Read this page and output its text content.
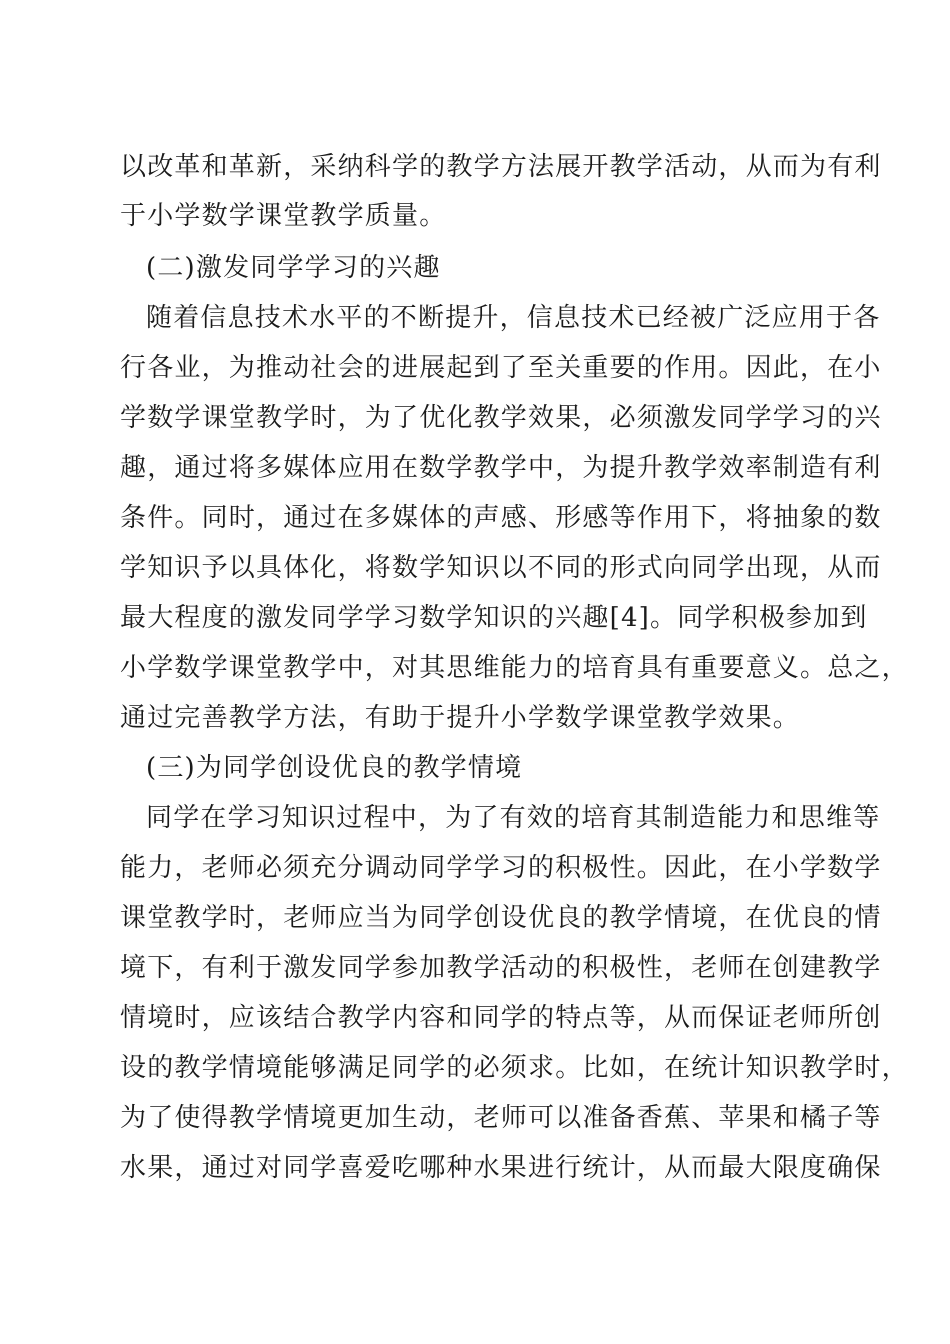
以改革和革新，采纳科学的教学方法展开教学活动，从而为有利
于小学数学课堂教学质量。
(二)激发同学学习的兴趣
随着信息技术水平的不断提升，信息技术已经被广泛应用于各
行各业，为推动社会的进展起到了至关重要的作用。因此，在小
学数学课堂教学时，为了优化教学效果，必须激发同学学习的兴
趣，通过将多媒体应用在数学教学中，为提升教学效率制造有利
条件。同时，通过在多媒体的声感、形感等作用下，将抽象的数
学知识予以具体化，将数学知识以不同的形式向同学出现，从而
最大程度的激发同学学习数学知识的兴趣[4]。同学积极参加到
小学数学课堂教学中，对其思维能力的培育具有重要意义。总之，
通过完善教学方法，有助于提升小学数学课堂教学效果。
(三)为同学创设优良的教学情境
同学在学习知识过程中，为了有效的培育其制造能力和思维等
能力，老师必须充分调动同学学习的积极性。因此，在小学数学
课堂教学时，老师应当为同学创设优良的教学情境，在优良的情
境下，有利于激发同学参加教学活动的积极性，老师在创建教学
情境时，应该结合教学内容和同学的特点等，从而保证老师所创
设的教学情境能够满足同学的必须求。比如，在统计知识教学时，
为了使得教学情境更加生动，老师可以准备香蕉、苹果和橘子等
水果，通过对同学喜爱吃哪种水果进行统计，从而最大限度确保
